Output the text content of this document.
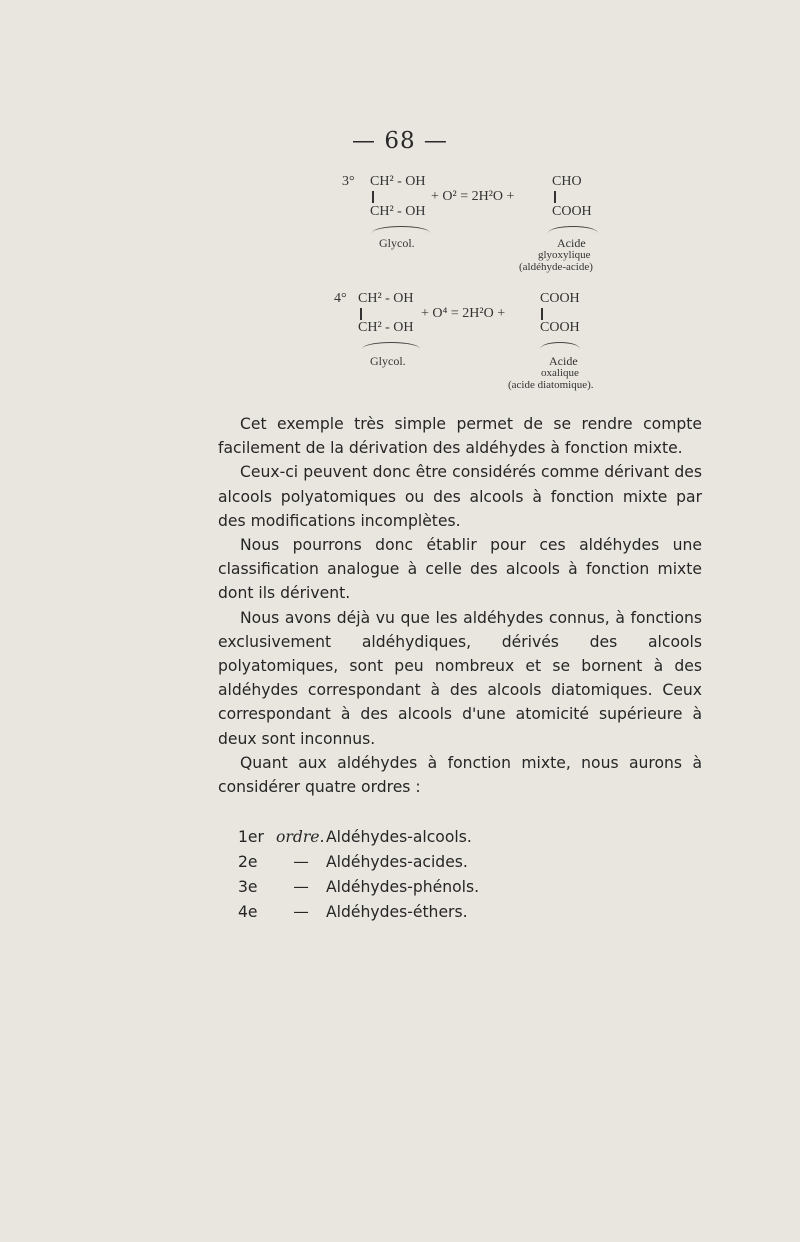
— 68 —
3° CH² - OH
CH² - OH
+ O² = 2H²O +
CHO
COOH
Glycol.	Acide
glyoxylique
(aldéhyde-acide)
4° CH² - OH
CH² - OH
+ O⁴ = 2H²O +
COOH
COOH
Glycol.	Acide
oxalique
(acide diatomique).

Cet exemple très simple permet de se rendre compte facilement de la dérivation des aldéhydes à fonction mixte.

Ceux-ci peuvent donc être considérés comme dérivant des alcools polyatomiques ou des alcools à fonction mixte par des modifications incomplètes.

Nous pourrons donc établir pour ces aldéhydes une classification analogue à celle des alcools à fonction mixte dont ils dérivent.

Nous avons déjà vu que les aldéhydes connus, à fonctions exclusivement aldéhydiques, dérivés des alcools polyatomiques, sont peu nombreux et se bornent à des aldéhydes correspondant à des alcools diatomiques. Ceux correspondant à des alcools d'une atomicité supérieure à deux sont inconnus.

Quant aux aldéhydes à fonction mixte, nous aurons à considérer quatre ordres :

1er ordre. Aldéhydes-alcools.
2e	—	Aldéhydes-acides.
3e	—	Aldéhydes-phénols.
4e	—	Aldéhydes-éthers.
